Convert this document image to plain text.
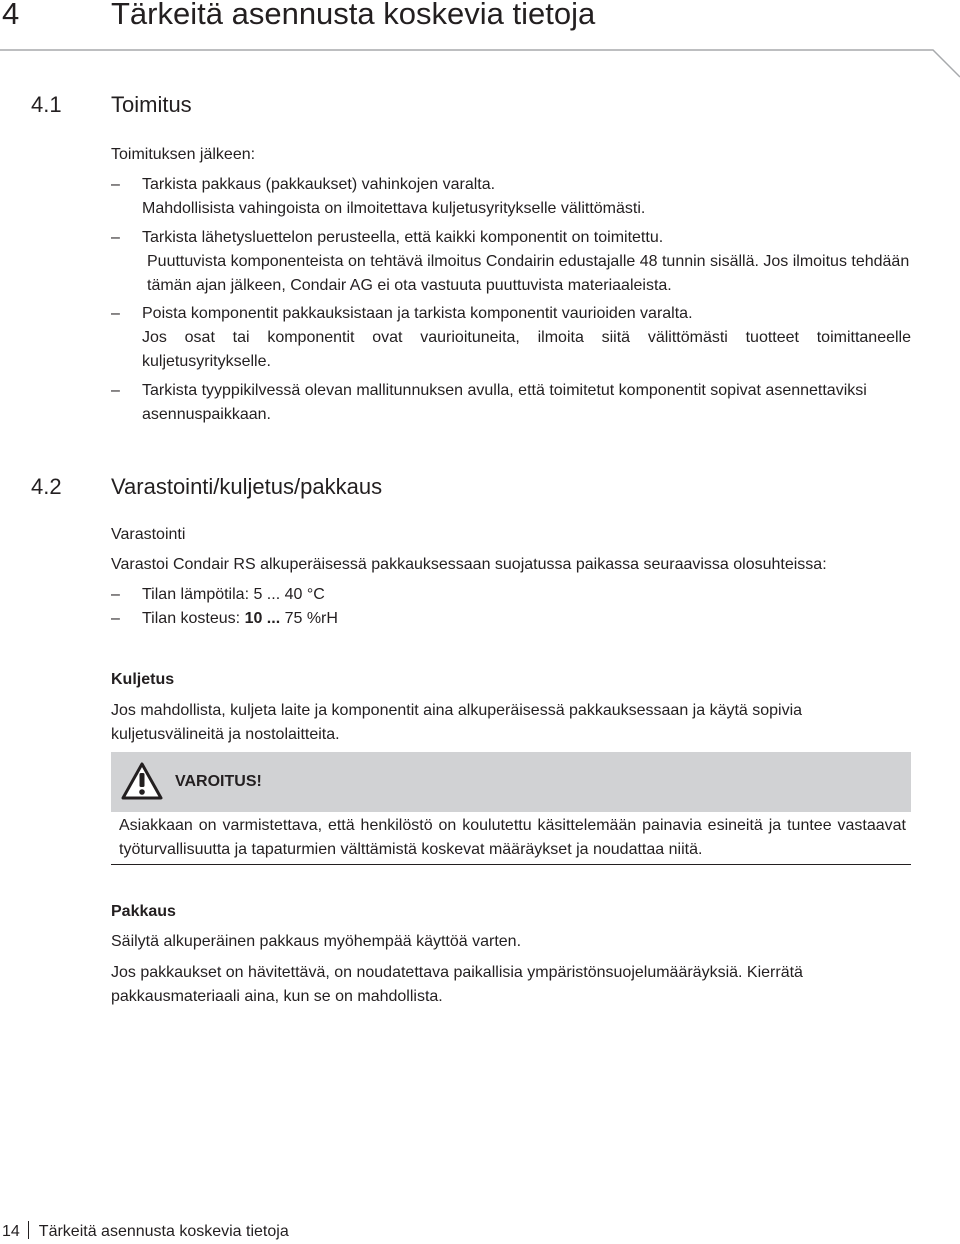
4	Tärkeitä asennusta koskevia tietoja
4.1 Toimitus
Toimituksen jälkeen:
–	Tarkista pakkaus (pakkaukset) vahinkojen varalta.

Mahdollisista vahingoista on ilmoitettava kuljetusyritykselle välittömästi.

–	Tarkista lähetysluettelon perusteella, että kaikki komponentit on toimitettu.

Puuttuvista komponenteista on tehtävä ilmoitus Condairin edustajalle 48 tunnin sisällä. Jos ilmoitus tehdään tämän ajan jälkeen, Condair AG ei ota vastuuta puuttuvista materiaaleista.

–	Poista komponentit pakkauksistaan ja tarkista komponentit vaurioiden varalta.

Jos osat tai komponentit ovat vaurioituneita, ilmoita siitä välittömästi tuotteet toimittaneelle kuljetusyritykselle.

–	Tarkista tyyppikilvessä olevan mallitunnuksen avulla, että toimitetut komponentit sopivat asennettaviksi asennuspaikkaan.

4.2 Varastointi/kuljetus/pakkaus
Varastointi
Varastoi Condair RS alkuperäisessä pakkauksessaan suojatussa paikassa seuraavissa olosuhteissa:
–	Tilan lämpötila: 5 ... 40 °C

–	Tilan kosteus: 10 ... 75 %rH

Kuljetus
Jos mahdollista, kuljeta laite ja komponentit aina alkuperäisessä pakkauksessaan ja käytä sopivia kuljetusvälineitä ja nostolaitteita.
VAROITUS!
Asiakkaan on varmistettava, että henkilöstö on koulutettu käsittelemään painavia esineitä ja tuntee vastaavat työturvallisuutta ja tapaturmien välttämistä koskevat määräykset ja noudattaa niitä.
Pakkaus
Säilytä alkuperäinen pakkaus myöhempää käyttöä varten.
Jos pakkaukset on hävitettävä, on noudatettava paikallisia ympäristönsuojelumääräyksiä. Kierrätä pakkausmateriaali aina, kun se on mahdollista.
14 Tärkeitä asennusta koskevia tietoja
